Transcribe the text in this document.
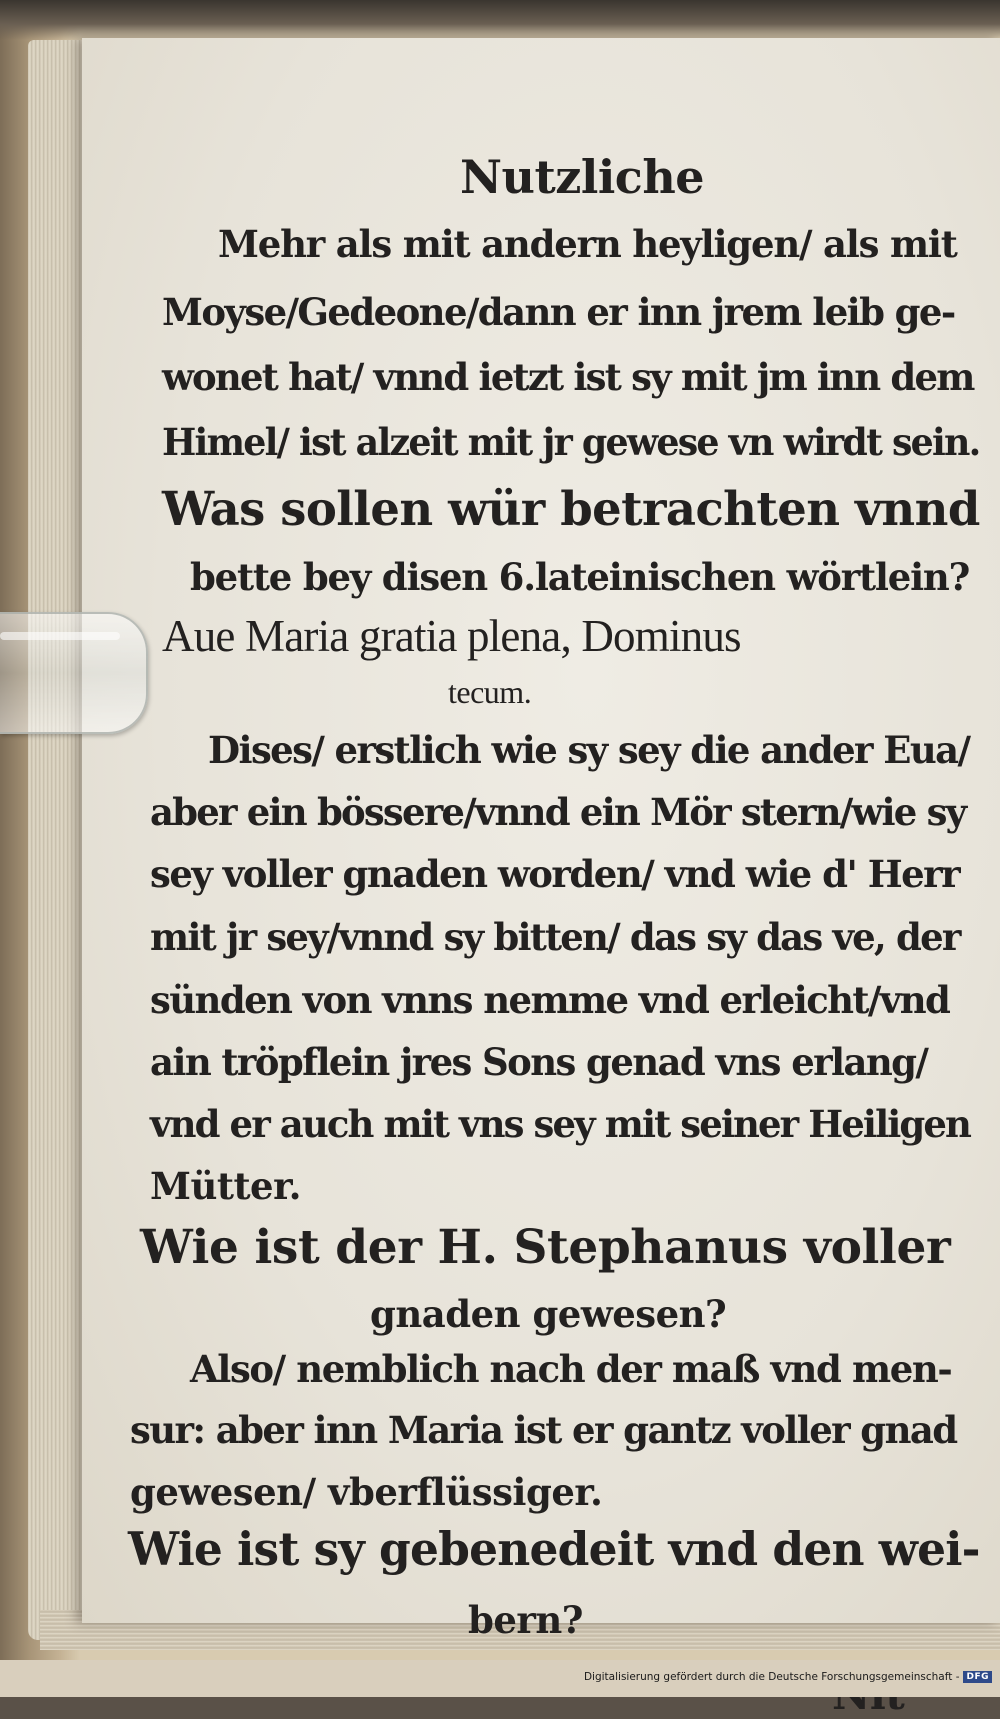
Nutzliche
Mehr als mit andern heyligen/ als mit
Moyse/Gedeone/dann er inn jrem leib ge-
wonet hat/ vnnd ietzt ist sy mit jm inn dem
Himel/ ist alzeit mit jr gewese vn wirdt sein.
Was sollen wür betrachten vnnd
bette bey disen 6.lateinischen wörtlein?
Aue Maria gratia plena, Dominus
tecum.
Dises/ erstlich wie sy sey die ander Eua/
aber ein bössere/vnnd ein Mör stern/wie sy
sey voller gnaden worden/ vnd wie d' Herr
mit jr sey/vnnd sy bitten/ das sy das ve, der
sünden von vnns nemme vnd erleicht/vnd
ain tröpflein jres Sons genad vns erlang/
vnd er auch mit vns sey mit seiner Heiligen
Mütter.
Wie ist der H. Stephanus voller
gnaden gewesen?
Also/ nemblich nach der maß vnd men-
sur: aber inn Maria ist er gantz voller gnad
gewesen/ vberflüssiger.
Wie ist sy gebenedeit vnd den wei-
bern?
Digitalisierung gefördert durch die Deutsche Forschungsgemeinschaft - DFG
